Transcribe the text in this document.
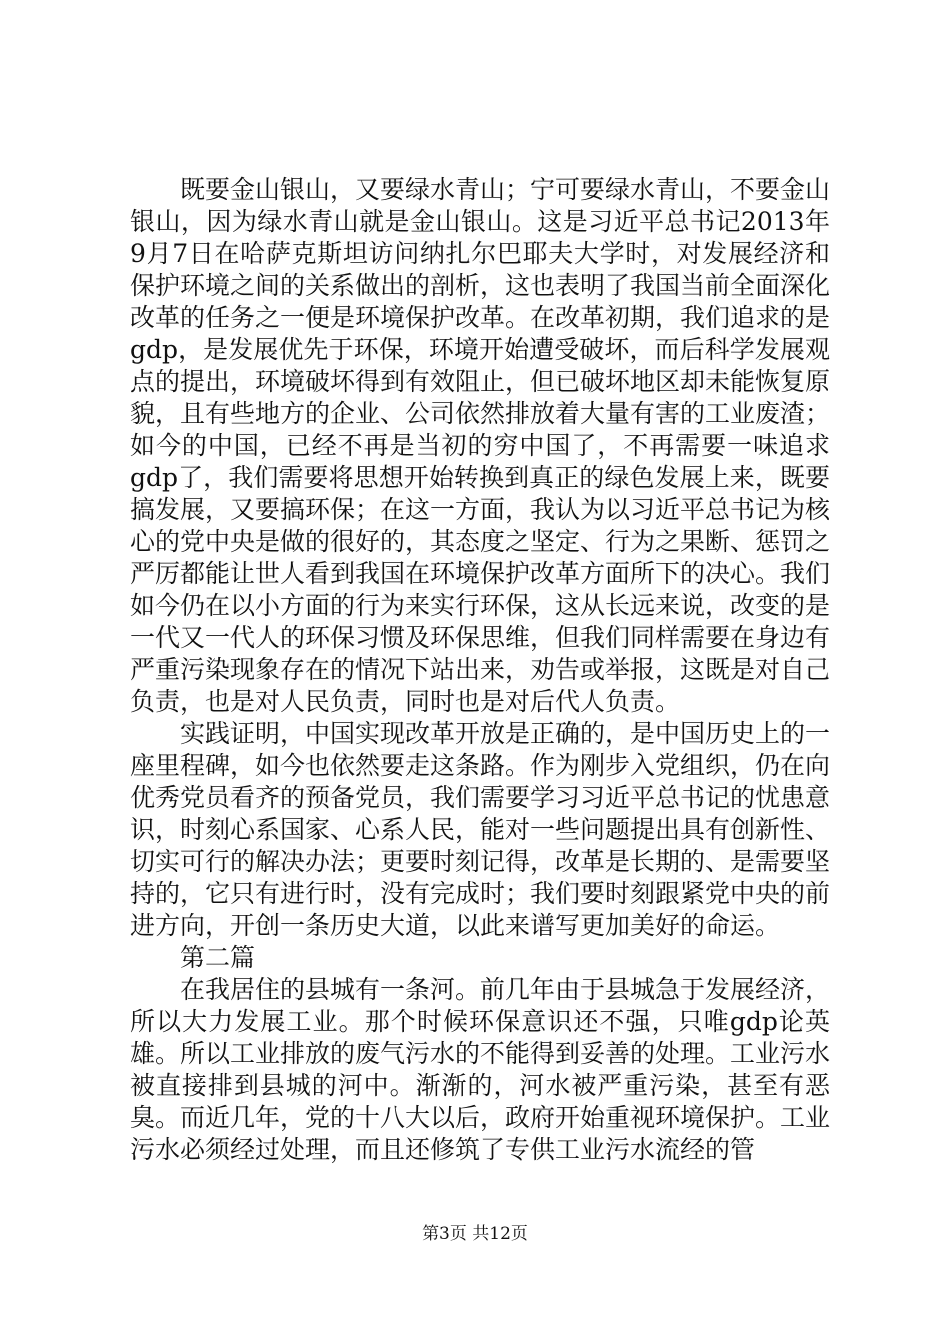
既要金山银山，又要绿水青山；宁可要绿水青山，不要金山银山，因为绿水青山就是金山银山。这是习近平总书记2013年9月7日在哈萨克斯坦访问纳扎尔巴耶夫大学时，对发展经济和保护环境之间的关系做出的剖析，这也表明了我国当前全面深化改革的任务之一便是环境保护改革。在改革初期，我们追求的是gdp，是发展优先于环保，环境开始遭受破坏，而后科学发展观点的提出，环境破坏得到有效阻止，但已破坏地区却未能恢复原貌，且有些地方的企业、公司依然排放着大量有害的工业废渣；如今的中国，已经不再是当初的穷中国了，不再需要一味追求gdp了，我们需要将思想开始转换到真正的绿色发展上来，既要搞发展，又要搞环保；在这一方面，我认为以习近平总书记为核心的党中央是做的很好的，其态度之坚定、行为之果断、惩罚之严厉都能让世人看到我国在环境保护改革方面所下的决心。我们如今仍在以小方面的行为来实行环保，这从长远来说，改变的是一代又一代人的环保习惯及环保思维，但我们同样需要在身边有严重污染现象存在的情况下站出来，劝告或举报，这既是对自己负责，也是对人民负责，同时也是对后代人负责。

实践证明，中国实现改革开放是正确的，是中国历史上的一座里程碑，如今也依然要走这条路。作为刚步入党组织，仍在向优秀党员看齐的预备党员，我们需要学习习近平总书记的忧患意识，时刻心系国家、心系人民，能对一些问题提出具有创新性、切实可行的解决办法；更要时刻记得，改革是长期的、是需要坚持的，它只有进行时，没有完成时；我们要时刻跟紧党中央的前进方向，开创一条历史大道，以此来谱写更加美好的命运。

第二篇

在我居住的县城有一条河。前几年由于县城急于发展经济，所以大力发展工业。那个时候环保意识还不强，只唯gdp论英雄。所以工业排放的废气污水的不能得到妥善的处理。工业污水被直接排到县城的河中。渐渐的，河水被严重污染，甚至有恶臭。而近几年，党的十八大以后，政府开始重视环境保护。工业污水必须经过处理，而且还修筑了专供工业污水流经的管

第3页 共12页
